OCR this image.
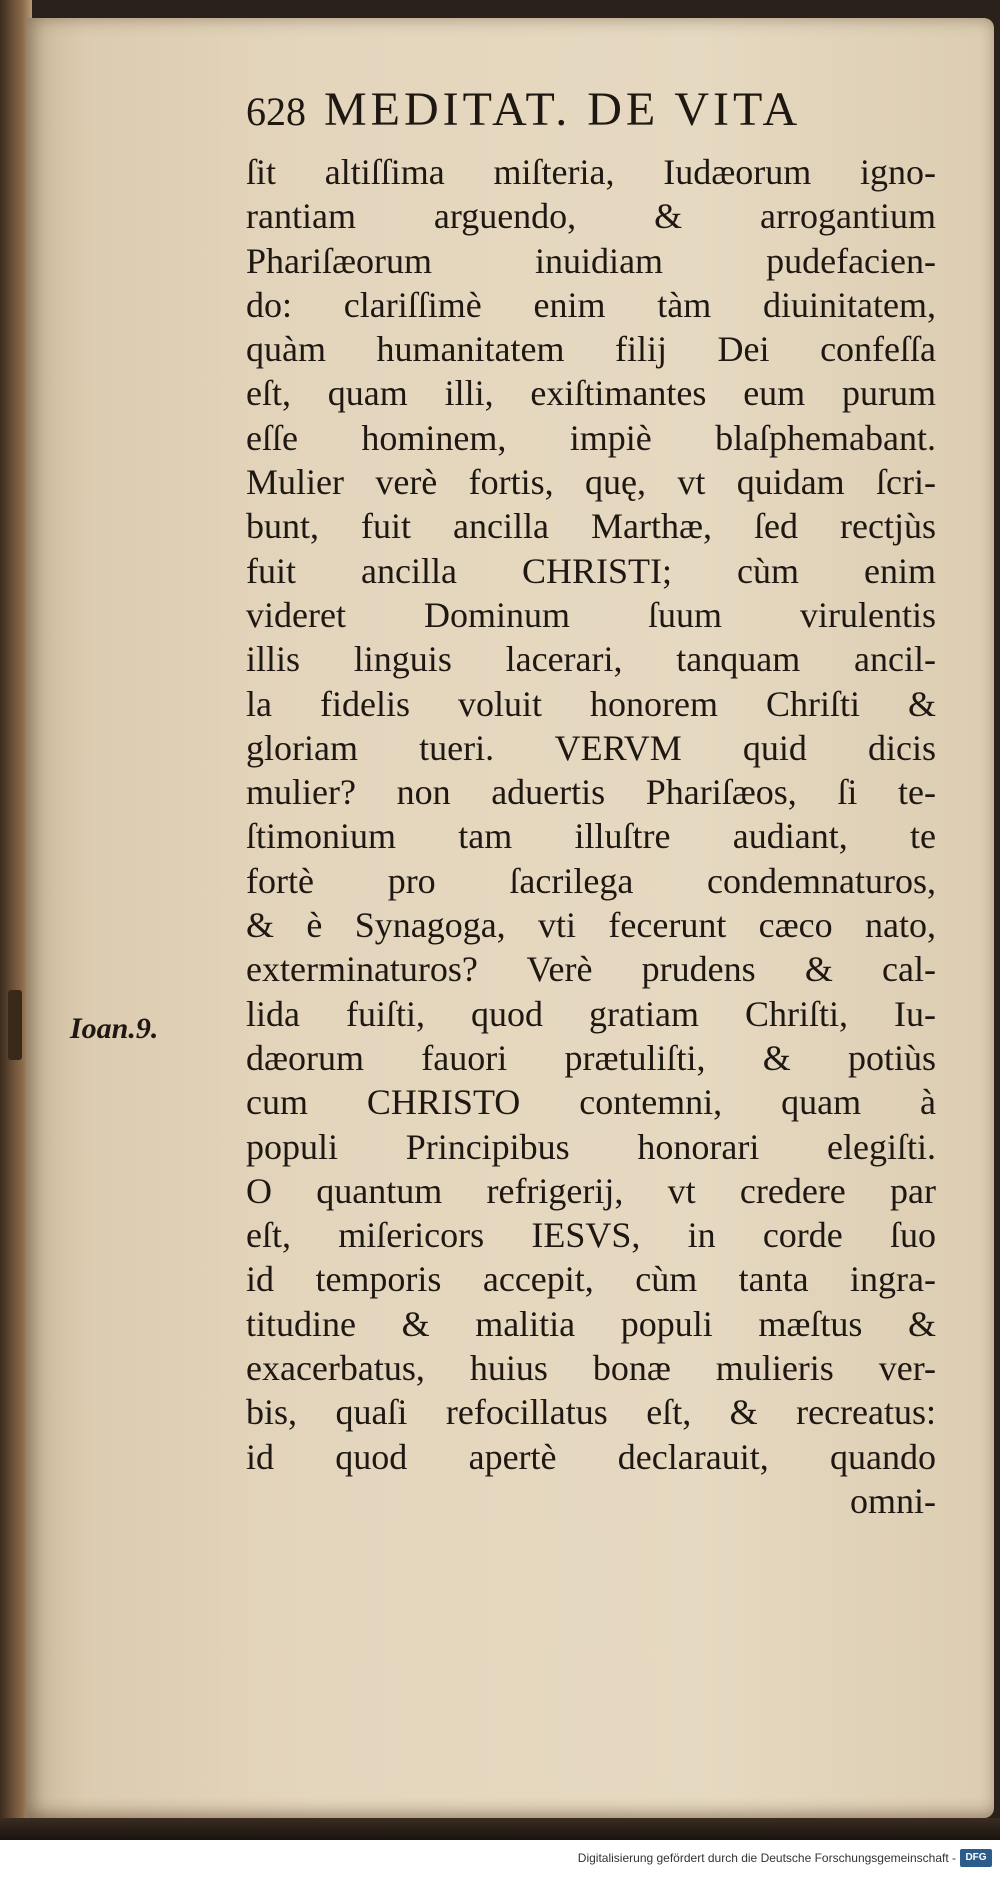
628 MEDITAT. DE VITA
ſit altiſſima miſteria, Iudæorum igno-
rantiam arguendo, & arrogantium
Phariſæorum inuidiam pudefacien-
do: clariſſimè enim tàm diuinitatem,
quàm humanitatem filij Dei confeſſa
eſt, quam illi, exiſtimantes eum purum
eſſe hominem, impiè blaſphemabant.
Mulier verè fortis, quę, vt quidam ſcri-
bunt, fuit ancilla Marthæ, ſed rectjùs
fuit ancilla CHRISTI; cùm enim
videret Dominum ſuum virulentis
illis linguis lacerari, tanquam ancil-
la fidelis voluit honorem Chriſti &
gloriam tueri. VERVM quid dicis
mulier? non aduertis Phariſæos, ſi te-
ſtimonium tam illuſtre audiant, te
fortè pro ſacrilega condemnaturos,
& è Synagoga, vti fecerunt cæco nato,
exterminaturos? Verè prudens & cal-
lida fuiſti, quod gratiam Chriſti, Iu-
dæorum fauori prætuliſti, & potiùs
cum CHRISTO contemni, quam à
populi Principibus honorari elegiſti.
O quantum refrigerij, vt credere par
eſt, miſericors IESVS, in corde ſuo
id temporis accepit, cùm tanta ingra-
titudine & malitia populi mæſtus &
exacerbatus, huius bonæ mulieris ver-
bis, quaſi refocillatus eſt, & recreatus:
id quod apertè declarauit, quando
omni-
Ioan.9.
Digitalisierung gefördert durch die Deutsche Forschungsgemeinschaft - DFG
